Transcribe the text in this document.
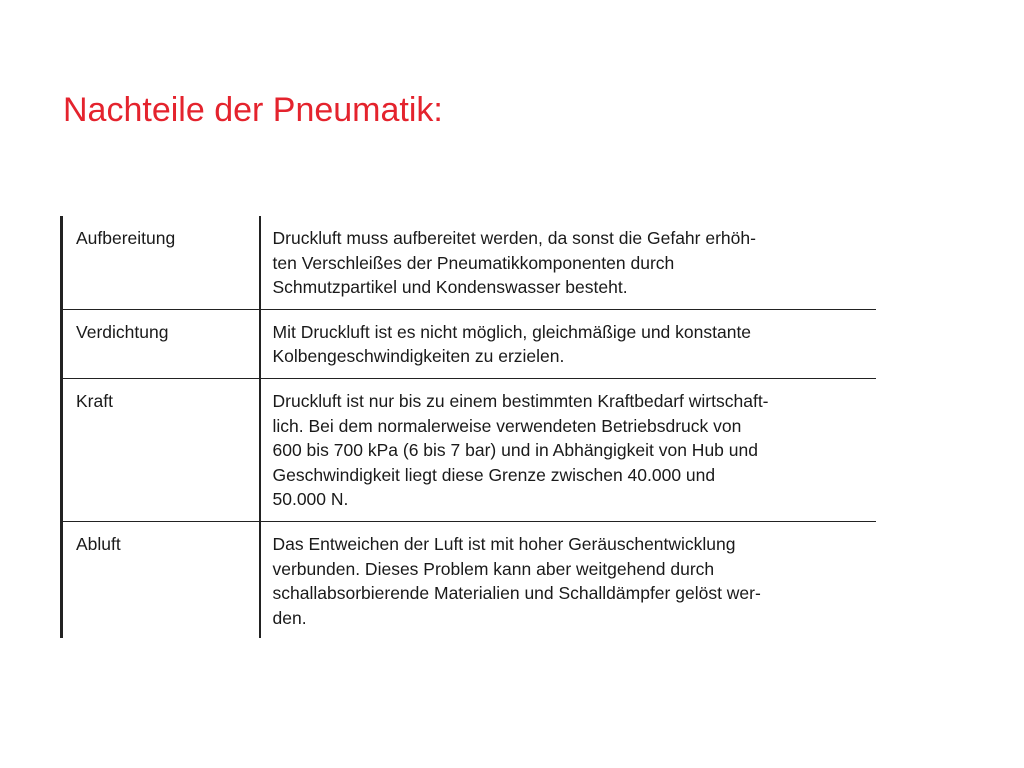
Nachteile der Pneumatik:
Aufbereitung	Druckluft muss aufbereitet werden, da sonst die Gefahr erhöh-
ten Verschleißes der Pneumatikkomponenten durch
Schmutzpartikel und Kondenswasser besteht.

Verdichtung	Mit Druckluft ist es nicht möglich, gleichmäßige und konstante
Kolbengeschwindigkeiten zu erzielen.

Kraft	Druckluft ist nur bis zu einem bestimmten Kraftbedarf wirtschaft-
lich. Bei dem normalerweise verwendeten Betriebsdruck von
600 bis 700 kPa (6 bis 7 bar) und in Abhängigkeit von Hub und
Geschwindigkeit liegt diese Grenze zwischen 40.000 und
50.000 N.

Abluft	Das Entweichen der Luft ist mit hoher Geräuschentwicklung
verbunden. Dieses Problem kann aber weitgehend durch
schallabsorbierende Materialien und Schalldämpfer gelöst wer-
den.
